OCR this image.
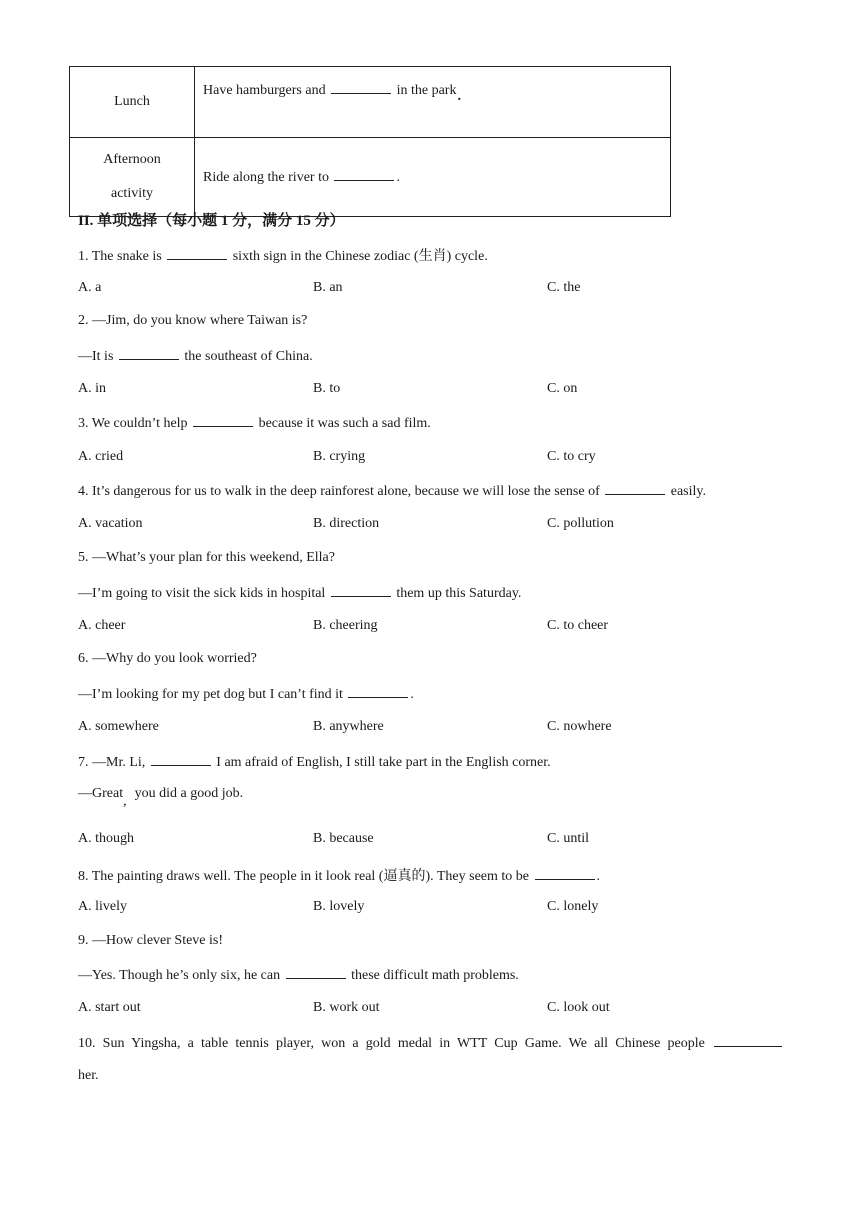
Lunch	Have hamburgers and in the park.

Afternoon
activity	Ride along the river to .

II. 单项选择（每小题 1 分，满分 15 分）

1. The snake is	sixth sign in the Chinese zodiac (生肖) cycle.

A. a	B. an	C. the

2. —Jim, do you know where Taiwan is?

—It is	the southeast of China.

A. in	B. to	C. on

3. We couldn’t help	because it was such a sad film.

A. cried	B. crying	C. to cry

4. It’s dangerous for us to walk in the deep rainforest alone, because we will lose the sense of	easily.

A. vacation	B. direction	C. pollution

5. —What’s your plan for this weekend, Ella?

—I’m going to visit the sick kids in hospital	them up this Saturday.

A. cheer	B. cheering	C. to cheer

6. —Why do you look worried?

—I’m looking for my pet dog but I can’t find it	.

A. somewhere	B. anywhere	C. nowhere

7. —Mr. Li,	I am afraid of English, I still take part in the English corner.

—Great,you did a good job.

A. though	B. because	C. until

8. The painting draws well. The people in it look real (逼真的). They seem to be	.

A. lively	B. lovely	C. lonely

9. —How clever Steve is!

—Yes. Though he’s only six, he can	these difficult math problems.

A. start out	B. work out	C. look out

10. Sun Yingsha, a table tennis player, won a gold medal in WTT Cup Game. We all Chinese people

her.
